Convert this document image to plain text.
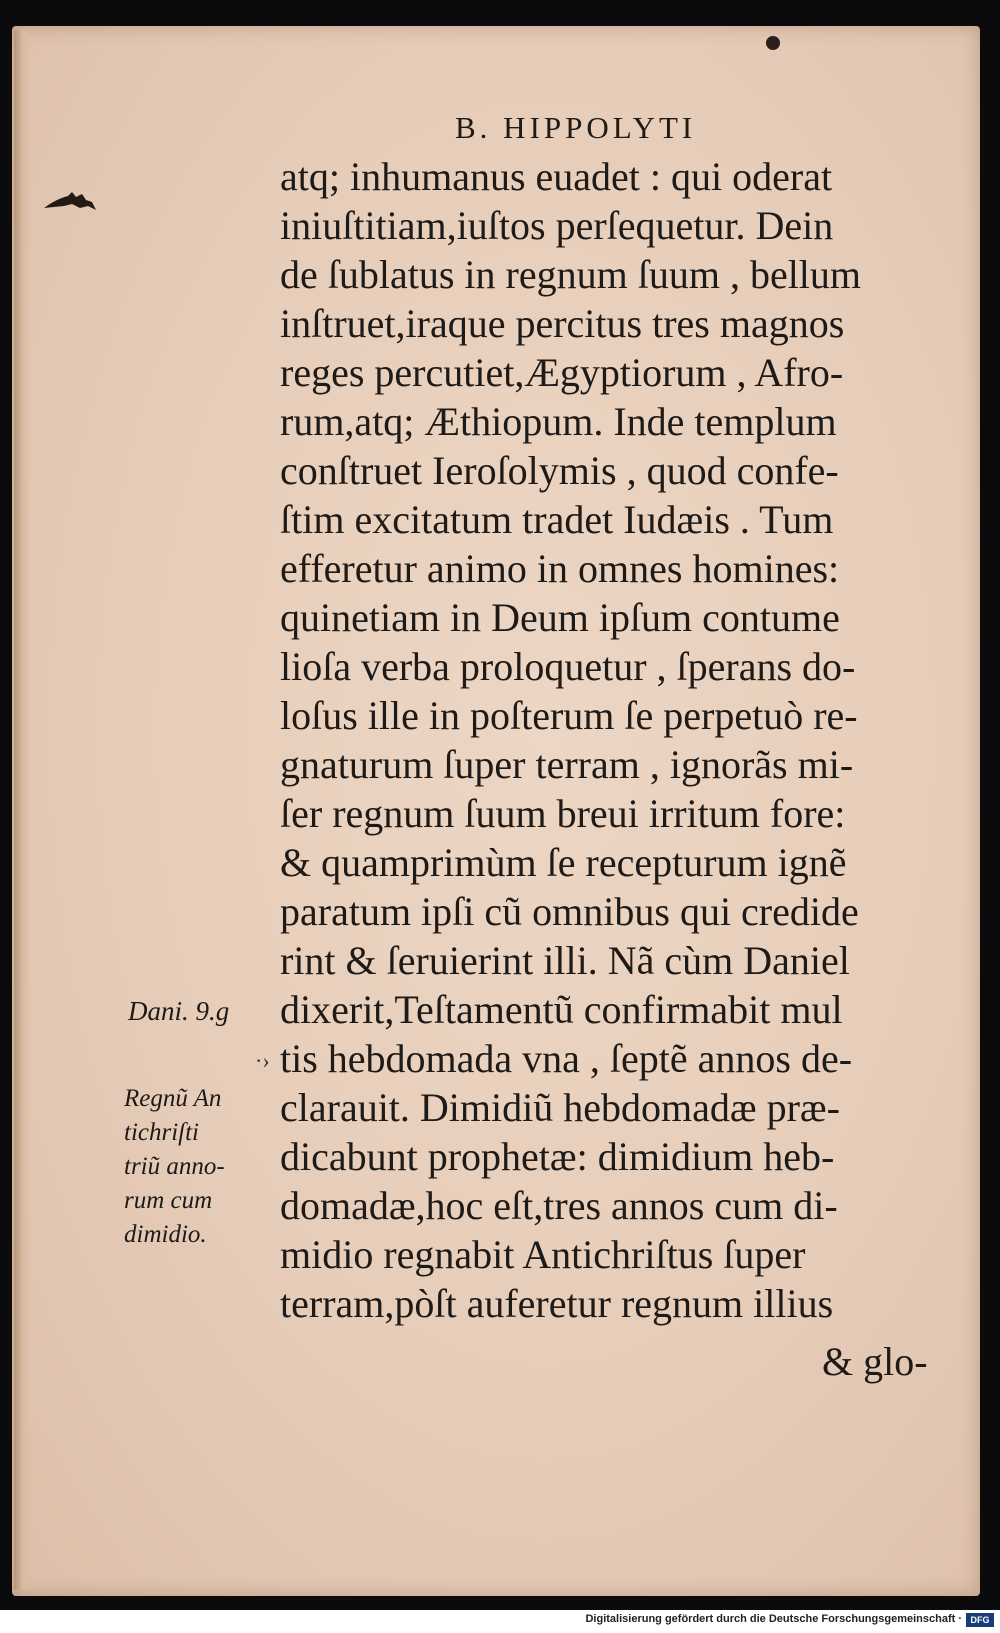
B. HIPPOLYTI
atq; inhumanus euadet : qui oderat
iniuſtitiam,iuſtos perſequetur. Dein
de ſublatus in regnum ſuum , bellum
inſtruet,iraque percitus tres magnos
reges percutiet,Ægyptiorum , Afro-
rum,atq; Æthiopum. Inde templum
conſtruet Ieroſolymis , quod confe-
ſtim excitatum tradet Iudæis . Tum
efferetur animo in omnes homines:
quinetiam in Deum ipſum contume
lioſa verba proloquetur , ſperans do-
loſus ille in poſterum ſe perpetuò re-
gnaturum ſuper terram , ignorãs mi-
ſer regnum ſuum breui irritum fore:
& quamprimùm ſe recepturum ignẽ
paratum ipſi cũ omnibus qui credide
rint & ſeruierint illi. Nã cùm Daniel
dixerit,Teſtamentũ confirmabit mul
tis hebdomada vna , ſeptẽ annos de-
clarauit. Dimidiũ hebdomadæ præ-
dicabunt prophetæ: dimidium heb-
domadæ,hoc eſt,tres annos cum di-
midio regnabit Antichriſtus ſuper
terram,pòſt auferetur regnum illius
& glo-
Dani. 9.g
·›
Regnũ An
tichriſti
triũ anno-
rum cum
dimidio.
Digitalisierung gefördert durch die Deutsche Forschungsgemeinschaft · DFG
